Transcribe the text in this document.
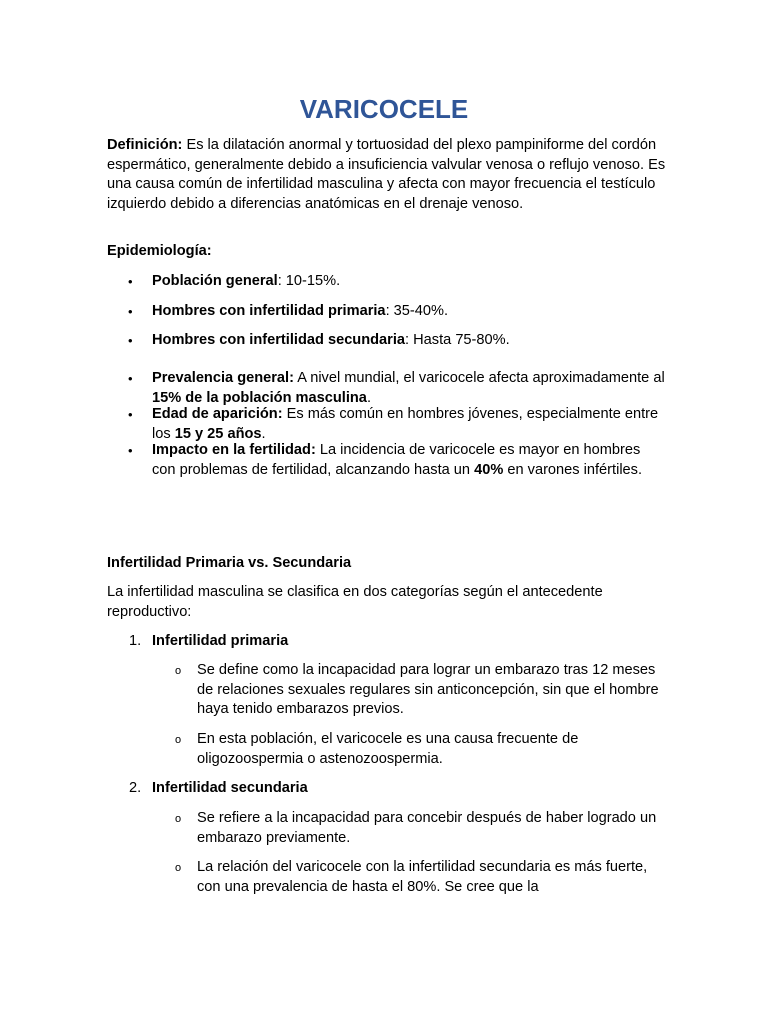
VARICOCELE

Definición: Es la dilatación anormal y tortuosidad del plexo pampiniforme del cordón espermático, generalmente debido a insuficiencia valvular venosa o reflujo venoso. Es una causa común de infertilidad masculina y afecta con mayor frecuencia el testículo izquierdo debido a diferencias anatómicas en el drenaje venoso.

Epidemiología:

• Población general: 10-15%.
• Hombres con infertilidad primaria: 35-40%.
• Hombres con infertilidad secundaria: Hasta 75-80%.
• Prevalencia general: A nivel mundial, el varicocele afecta aproximadamente al 15% de la población masculina.
• Edad de aparición: Es más común en hombres jóvenes, especialmente entre los 15 y 25 años.
• Impacto en la fertilidad: La incidencia de varicocele es mayor en hombres con problemas de fertilidad, alcanzando hasta un 40% en varones infértiles.

Infertilidad Primaria vs. Secundaria

La infertilidad masculina se clasifica en dos categorías según el antecedente reproductivo:

1. Infertilidad primaria
o Se define como la incapacidad para lograr un embarazo tras 12 meses de relaciones sexuales regulares sin anticoncepción, sin que el hombre haya tenido embarazos previos.
o En esta población, el varicocele es una causa frecuente de oligozoospermia o astenozoospermia.
2. Infertilidad secundaria
o Se refiere a la incapacidad para concebir después de haber logrado un embarazo previamente.
o La relación del varicocele con la infertilidad secundaria es más fuerte, con una prevalencia de hasta el 80%. Se cree que la
